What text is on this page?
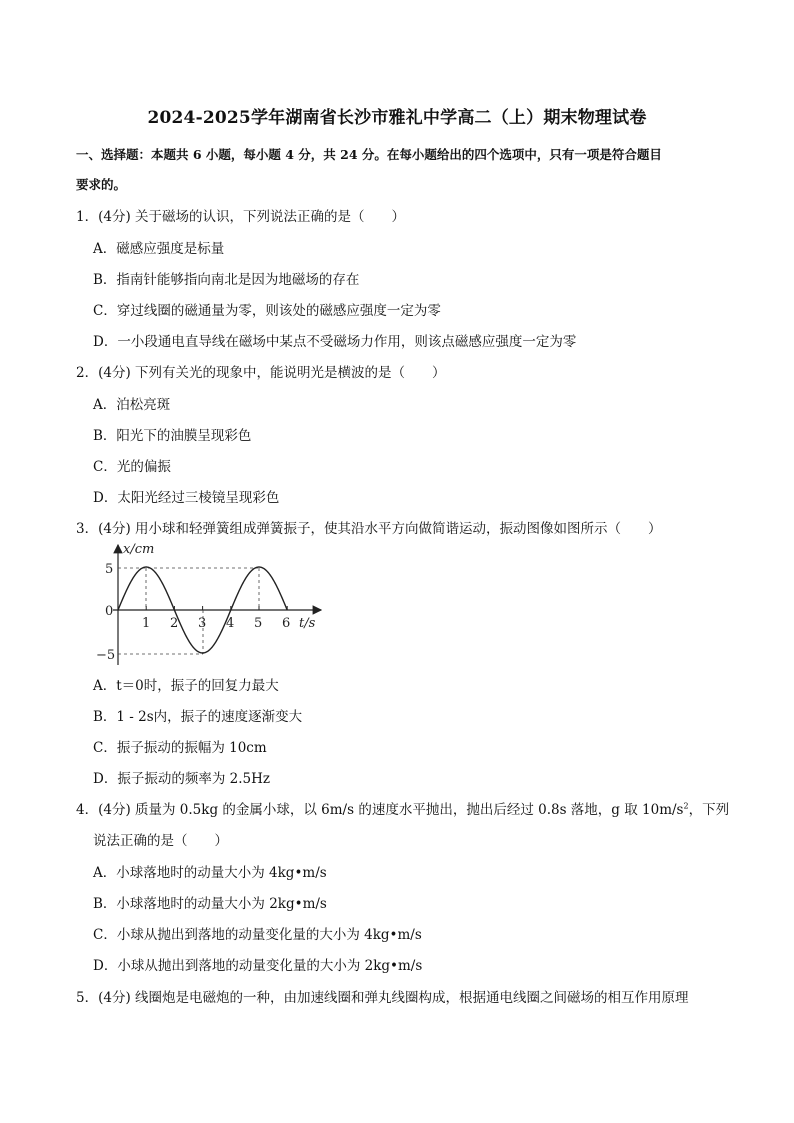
2024-2025学年湖南省长沙市雅礼中学高二（上）期末物理试卷
一、选择题：本题共 6 小题，每小题 4 分，共 24 分。在每小题给出的四个选项中，只有一项是符合题目
要求的。
1．(4分) 关于磁场的认识，下列说法正确的是（　　）
A．磁感应强度是标量
B．指南针能够指向南北是因为地磁场的存在
C．穿过线圈的磁通量为零，则该处的磁感应强度一定为零
D．一小段通电直导线在磁场中某点不受磁场力作用，则该点磁感应强度一定为零
2．(4分) 下列有关光的现象中，能说明光是横波的是（　　）
A．泊松亮斑
B．阳光下的油膜呈现彩色
C．光的偏振
D．太阳光经过三棱镜呈现彩色
3．(4分) 用小球和轻弹簧组成弹簧振子，使其沿水平方向做简谐运动，振动图像如图所示（　　）
x/cm
t/s
5
0
−5
1 2 3 4 5 6
A．t＝0时，振子的回复力最大
B．1 - 2s内，振子的速度逐渐变大
C．振子振动的振幅为 10cm
D．振子振动的频率为 2.5Hz
4．(4分) 质量为 0.5kg 的金属小球，以 6m/s 的速度水平抛出，抛出后经过 0.8s 落地，g 取 $10m/s^2$，下列
说法正确的是（　　）
A．小球落地时的动量大小为 4kg•m/s
B．小球落地时的动量大小为 2kg•m/s
C．小球从抛出到落地的动量变化量的大小为 4kg•m/s
D．小球从抛出到落地的动量变化量的大小为 2kg•m/s
5．(4分) 线圈炮是电磁炮的一种，由加速线圈和弹丸线圈构成，根据通电线圈之间磁场的相互作用原理
